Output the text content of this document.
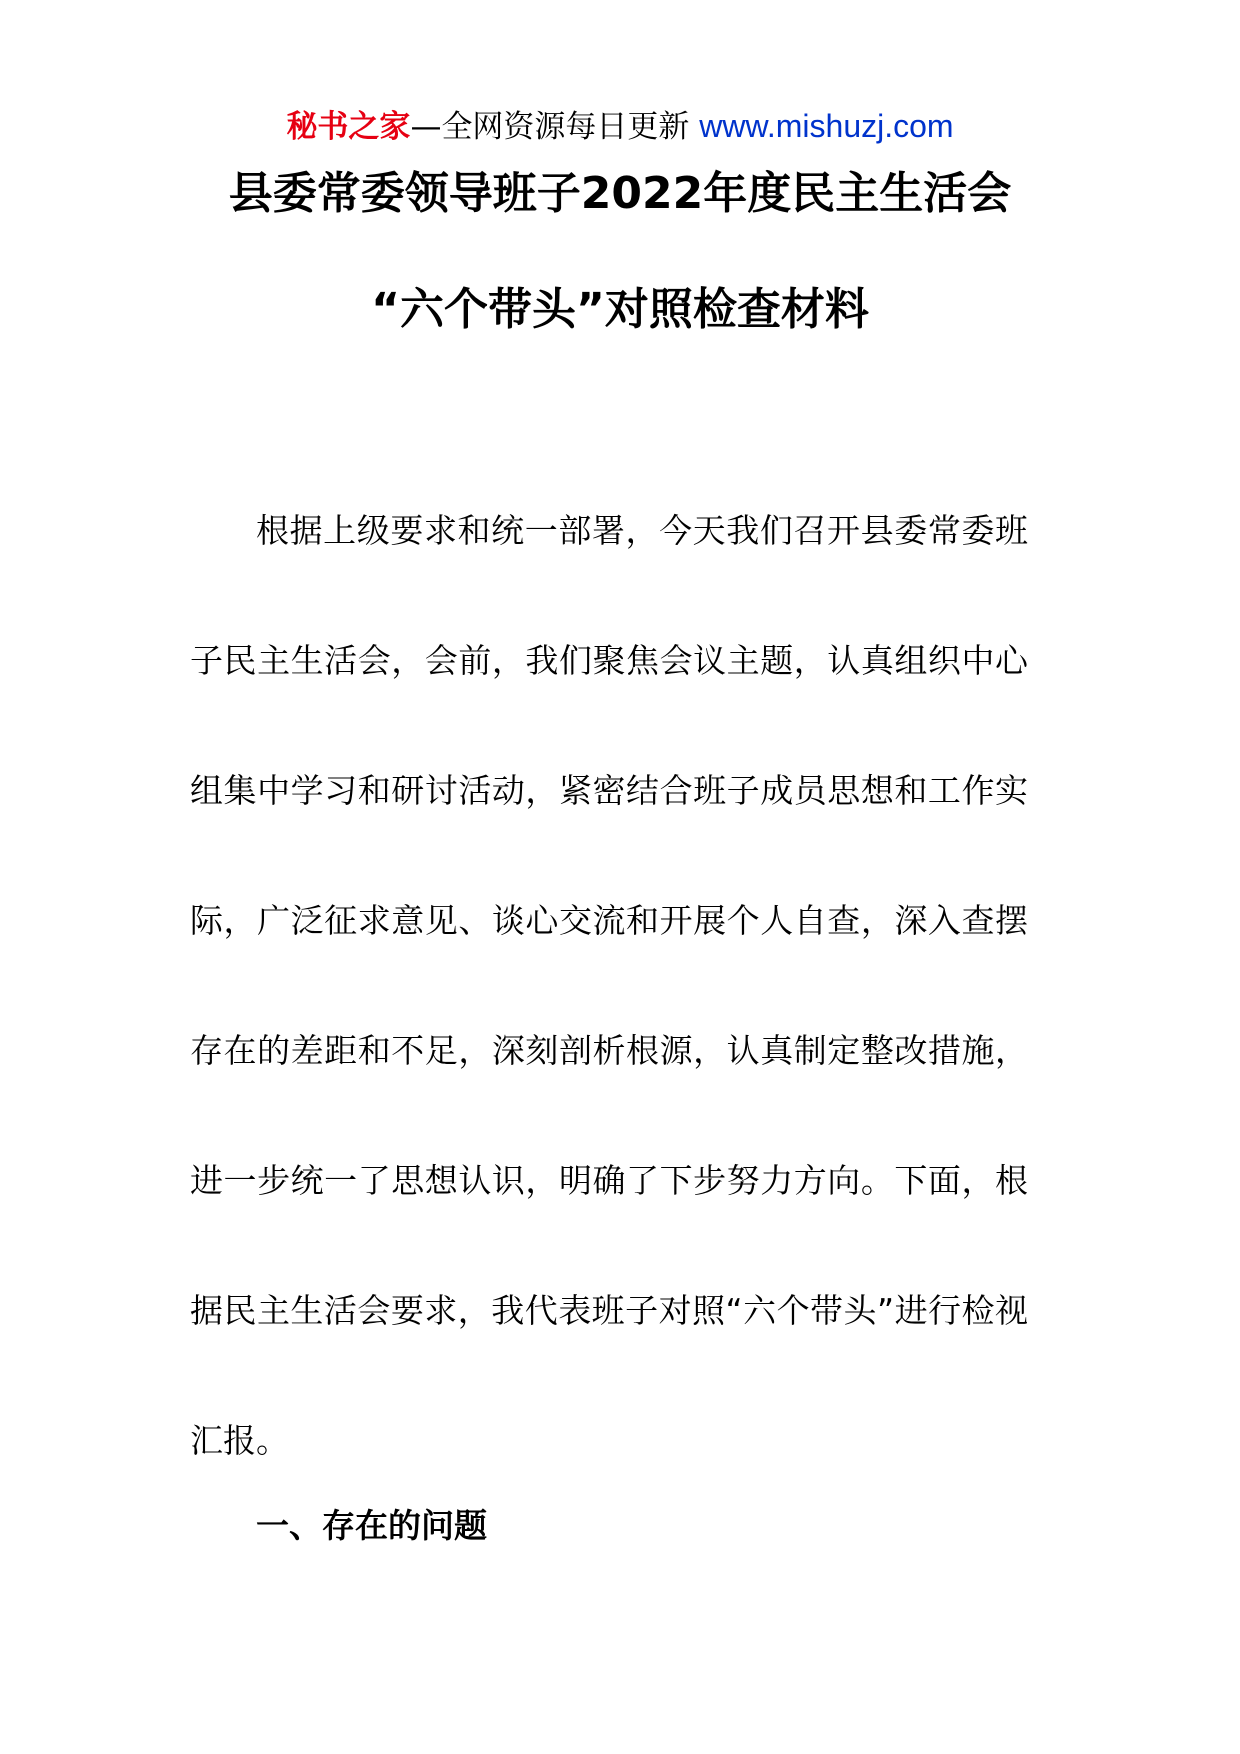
秘书之家—全网资源每日更新 www.mishuzj.com
县委常委领导班子2022年度民主生活会
“六个带头”对照检查材料

根据上级要求和统一部署，今天我们召开县委常委班子民主生活会，会前，我们聚焦会议主题，认真组织中心组集中学习和研讨活动，紧密结合班子成员思想和工作实际，广泛征求意见、谈心交流和开展个人自查，深入查摆存在的差距和不足，深刻剖析根源，认真制定整改措施，进一步统一了思想认识，明确了下步努力方向。下面，根据民主生活会要求，我代表班子对照“六个带头”进行检视汇报。

一、存在的问题
